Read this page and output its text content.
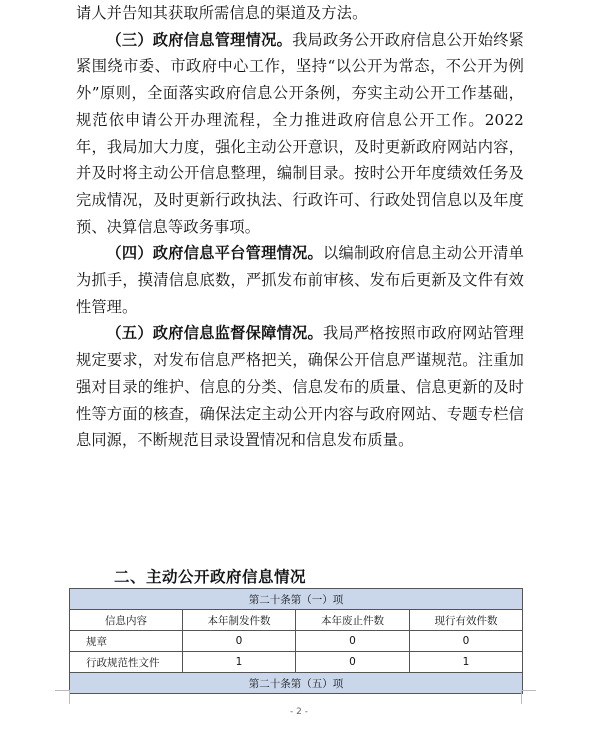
请人并告知其获取所需信息的渠道及方法。

（三）政府信息管理情况。我局政务公开政府信息公开始终紧紧围绕市委、市政府中心工作，坚持“以公开为常态，不公开为例外”原则，全面落实政府信息公开条例，夯实主动公开工作基础，规范依申请公开办理流程，全力推进政府信息公开工作。2022年，我局加大力度，强化主动公开意识，及时更新政府网站内容，并及时将主动公开信息整理，编制目录。按时公开年度绩效任务及完成情况，及时更新行政执法、行政许可、行政处罚信息以及年度预、决算信息等政务事项。

（四）政府信息平台管理情况。以编制政府信息主动公开清单为抓手，摸清信息底数，严抓发布前审核、发布后更新及文件有效性管理。

（五）政府信息监督保障情况。我局严格按照市政府网站管理规定要求，对发布信息严格把关，确保公开信息严谨规范。注重加强对目录的维护、信息的分类、信息发布的质量、信息更新的及时性等方面的核查，确保法定主动公开内容与政府网站、专题专栏信息同源，不断规范目录设置情况和信息发布质量。

二、主动公开政府信息情况
第二十条第（一）项			
信息内容	本年制发件数	本年废止件数	现行有效件数
规章	0	0	0
行政规范性文件	1	0	1
第二十条第（五）项			
- 2 -
